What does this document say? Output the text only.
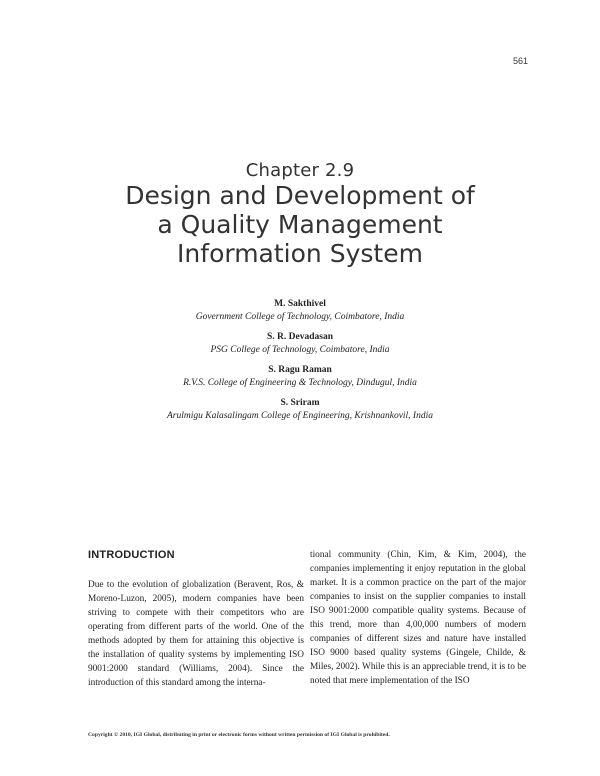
561
Chapter 2.9
Design and Development of
a Quality Management
Information System
M. Sakthivel
Government College of Technology, Coimbatore, India
S. R. Devadasan
PSG College of Technology, Coimbatore, India
S. Ragu Raman
R.V.S. College of Engineering & Technology, Dindugul, India
S. Sriram
Arulmigu Kalasalingam College of Engineering, Krishnankovil, India
INTRODUCTION

Due to the evolution of globalization (Beravent, Ros, & Moreno-Luzon, 2005), modern companies have been striving to compete with their competitors who are operating from different parts of the world. One of the methods adopted by them for attaining this objective is the installation of quality systems by implementing ISO 9001:2000 standard (Williams, 2004). Since the introduction of this standard among the interna-

tional community (Chin, Kim, & Kim, 2004), the companies implementing it enjoy reputation in the global market. It is a common practice on the part of the major companies to insist on the supplier companies to install ISO 9001:2000 compatible quality systems. Because of this trend, more than 4,00,000 numbers of modern companies of different sizes and nature have installed ISO 9000 based quality systems (Gingele, Childe, & Miles, 2002). While this is an appreciable trend, it is to be noted that mere implementation of the ISO

Copyright © 2010, IGI Global, distributing in print or electronic forms without written permission of IGI Global is prohibited.
